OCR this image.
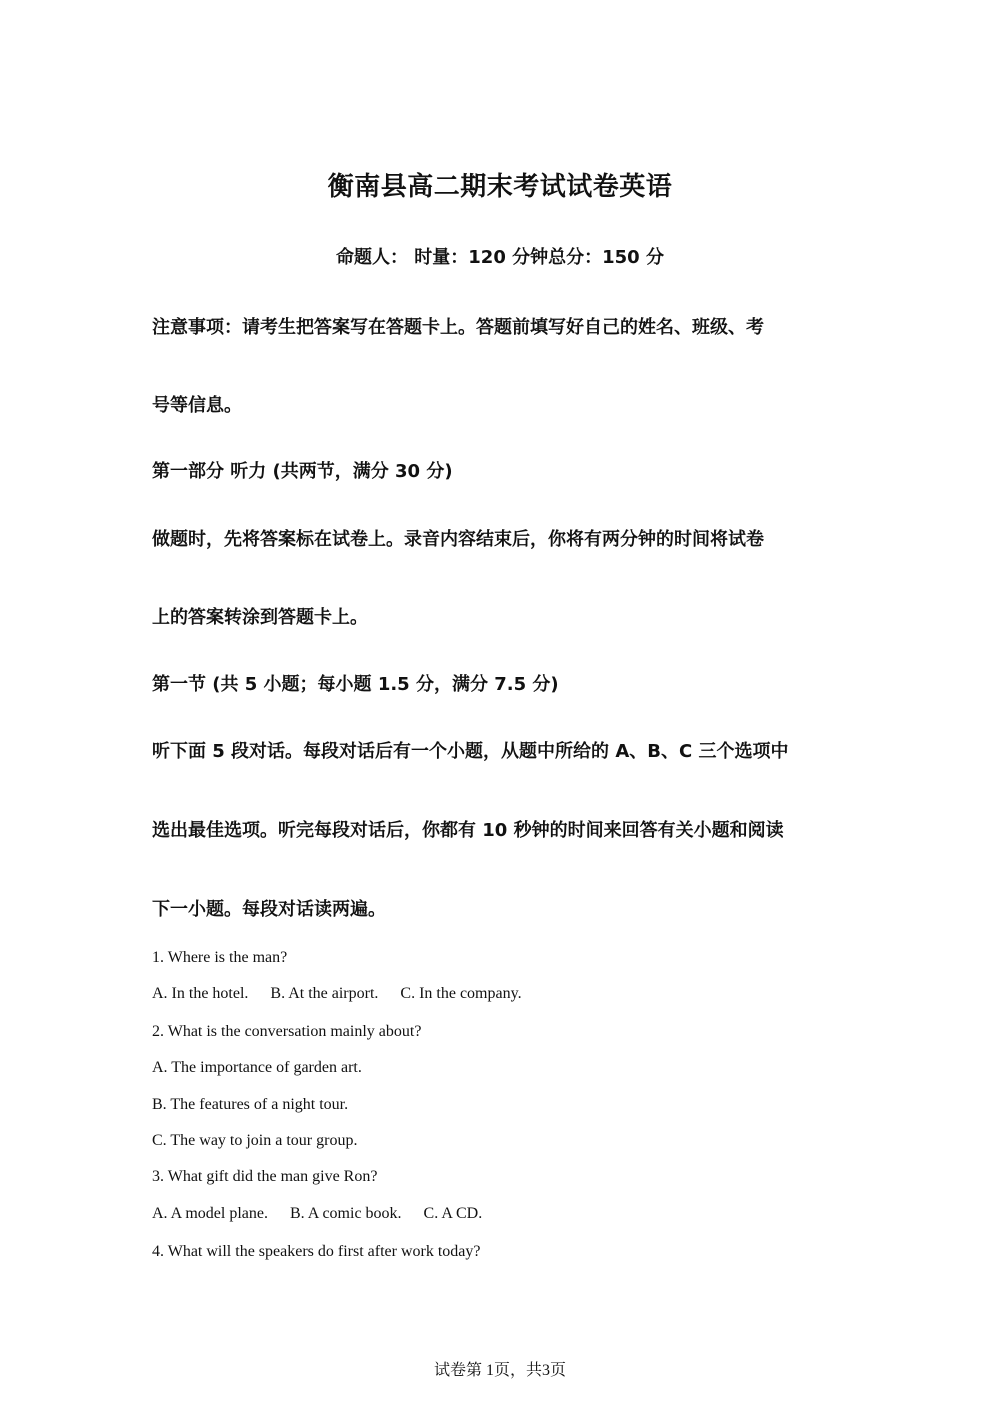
衡南县高二期末考试试卷英语
命题人： 时量：120 分钟总分：150 分
注意事项：请考生把答案写在答题卡上。答题前填写好自己的姓名、班级、考
号等信息。
第一部分 听力 (共两节，满分 30 分)
做题时，先将答案标在试卷上。录音内容结束后，你将有两分钟的时间将试卷
上的答案转涂到答题卡上。
第一节 (共 5 小题；每小题 1.5 分，满分 7.5 分)
听下面 5 段对话。每段对话后有一个小题，从题中所给的 A、B、C 三个选项中
选出最佳选项。听完每段对话后，你都有 10 秒钟的时间来回答有关小题和阅读
下一小题。每段对话读两遍。
1. Where is the man?
A. In the hotel. B. At the airport. C. In the company.
2. What is the conversation mainly about?
A. The importance of garden art.
B. The features of a night tour.
C. The way to join a tour group.
3. What gift did the man give Ron?
A. A model plane. B. A comic book. C. A CD.
4. What will the speakers do first after work today?
试卷第 1页，共3页
